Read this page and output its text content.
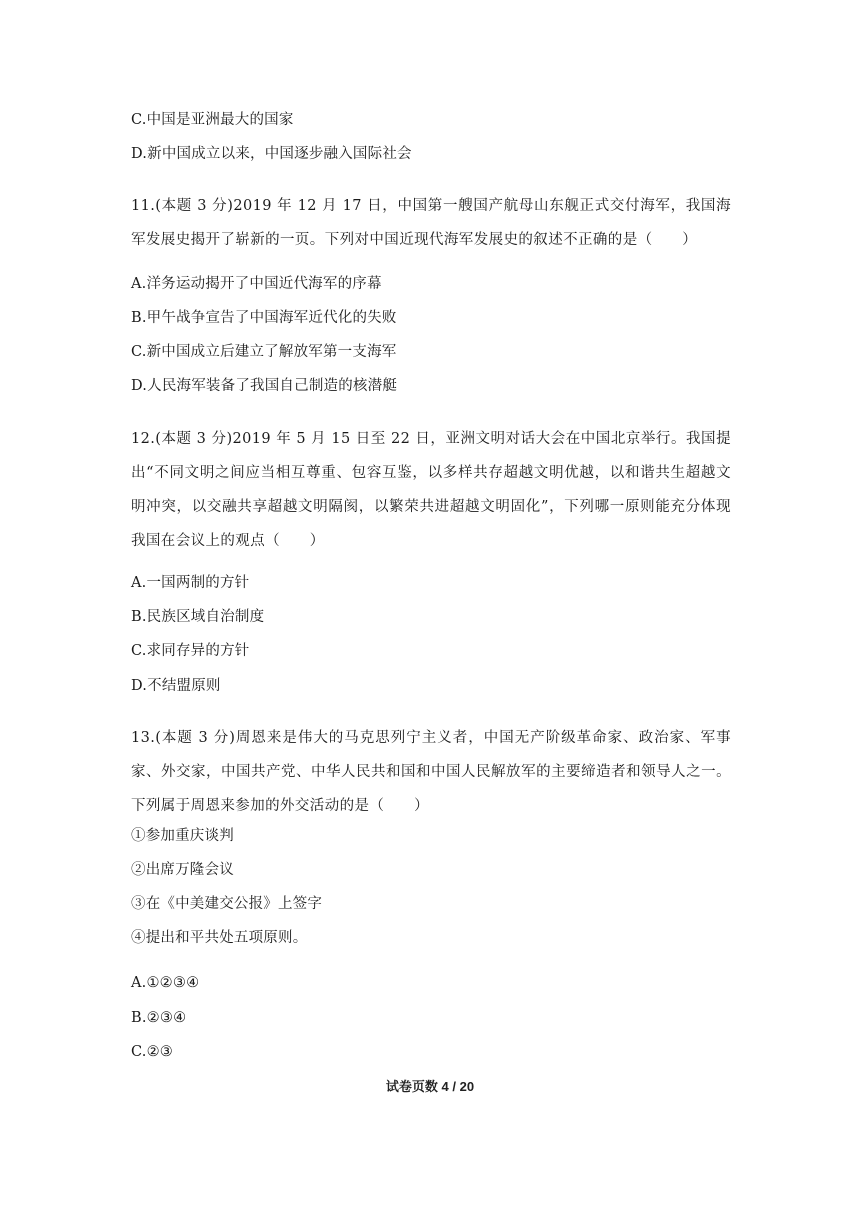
C.中国是亚洲最大的国家
D.新中国成立以来，中国逐步融入国际社会
11.(本题 3 分)2019 年 12 月 17 日，中国第一艘国产航母山东舰正式交付海军，我国海军发展史揭开了崭新的一页。下列对中国近现代海军发展史的叙述不正确的是（　　）
A.洋务运动揭开了中国近代海军的序幕
B.甲午战争宣告了中国海军近代化的失败
C.新中国成立后建立了解放军第一支海军
D.人民海军装备了我国自己制造的核潜艇
12.(本题 3 分)2019 年 5 月 15 日至 22 日，亚洲文明对话大会在中国北京举行。我国提出“不同文明之间应当相互尊重、包容互鉴，以多样共存超越文明优越，以和谐共生超越文明冲突，以交融共享超越文明隔阂，以繁荣共进超越文明固化”，下列哪一原则能充分体现我国在会议上的观点（　　）
A.一国两制的方针
B.民族区域自治制度
C.求同存异的方针
D.不结盟原则
13.(本题 3 分)周恩来是伟大的马克思列宁主义者，中国无产阶级革命家、政治家、军事家、外交家，中国共产党、中华人民共和国和中国人民解放军的主要缔造者和领导人之一。下列属于周恩来参加的外交活动的是（　　）
①参加重庆谈判
②出席万隆会议
③在《中美建交公报》上签字
④提出和平共处五项原则。
A.①②③④
B.②③④
C.②③
试卷页数 4 / 20
